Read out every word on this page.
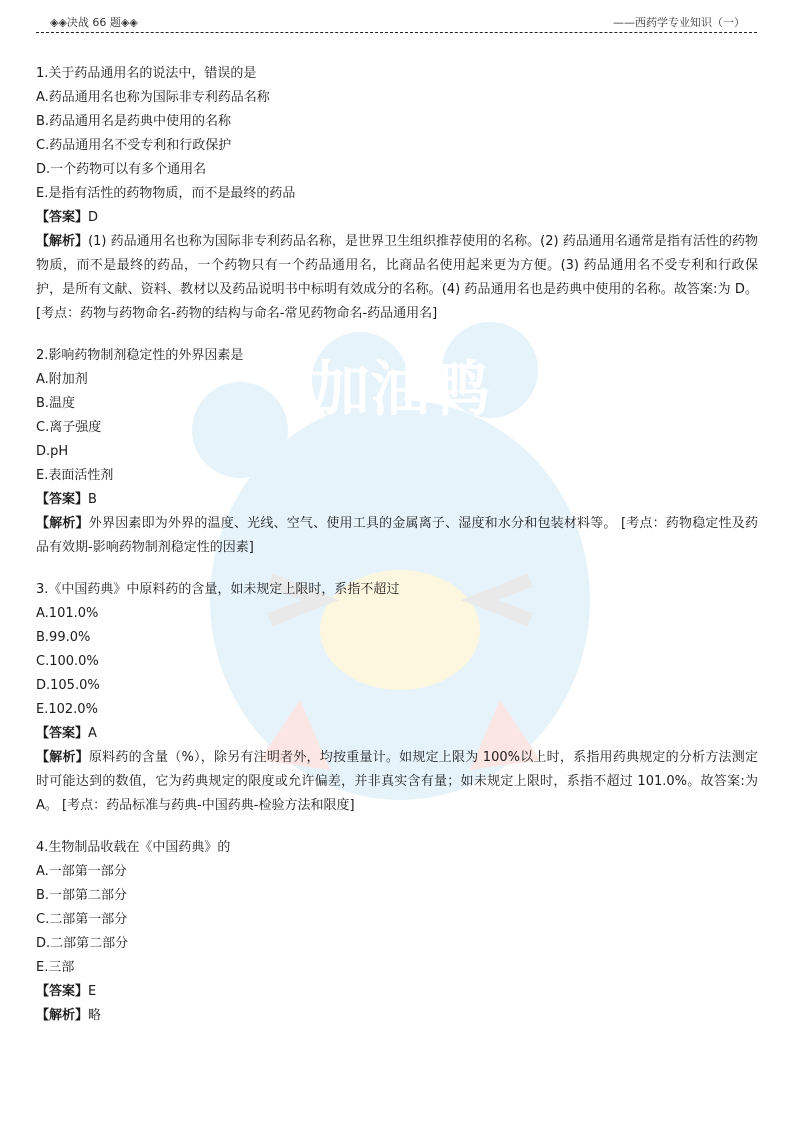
◈◈决战 66 题◈◈	——西药学专业知识（一）
加油鸭
1.关于药品通用名的说法中，错误的是
A.药品通用名也称为国际非专利药品名称
B.药品通用名是药典中使用的名称
C.药品通用名不受专利和行政保护
D.一个药物可以有多个通用名
E.是指有活性的药物物质，而不是最终的药品
【答案】D
【解析】(1) 药品通用名也称为国际非专利药品名称，是世界卫生组织推荐使用的名称。(2) 药品通用名通常是指有活性的药物物质，而不是最终的药品，一个药物只有一个药品通用名，比商品名使用起来更为方便。(3) 药品通用名不受专利和行政保护，是所有文献、资料、教材以及药品说明书中标明有效成分的名称。(4) 药品通用名也是药典中使用的名称。故答案:为 D。 [考点：药物与药物命名-药物的结构与命名-常见药物命名-药品通用名]
2.影响药物制剂稳定性的外界因素是
A.附加剂
B.温度
C.离子强度
D.pH
E.表面活性剂
【答案】B
【解析】外界因素即为外界的温度、光线、空气、使用工具的金属离子、湿度和水分和包装材料等。 [考点：药物稳定性及药品有效期-影响药物制剂稳定性的因素]
3.《中国药典》中原料药的含量，如未规定上限时，系指不超过
A.101.0%
B.99.0%
C.100.0%
D.105.0%
E.102.0%
【答案】A
【解析】原料药的含量（%），除另有注明者外，均按重量计。如规定上限为 100%以上时，系指用药典规定的分析方法测定时可能达到的数值，它为药典规定的限度或允许偏差，并非真实含有量；如未规定上限时，系指不超过 101.0%。故答案:为 A。 [考点：药品标准与药典-中国药典-检验方法和限度]
4.生物制品收载在《中国药典》的
A.一部第一部分
B.一部第二部分
C.二部第一部分
D.二部第二部分
E.三部
【答案】E
【解析】略
